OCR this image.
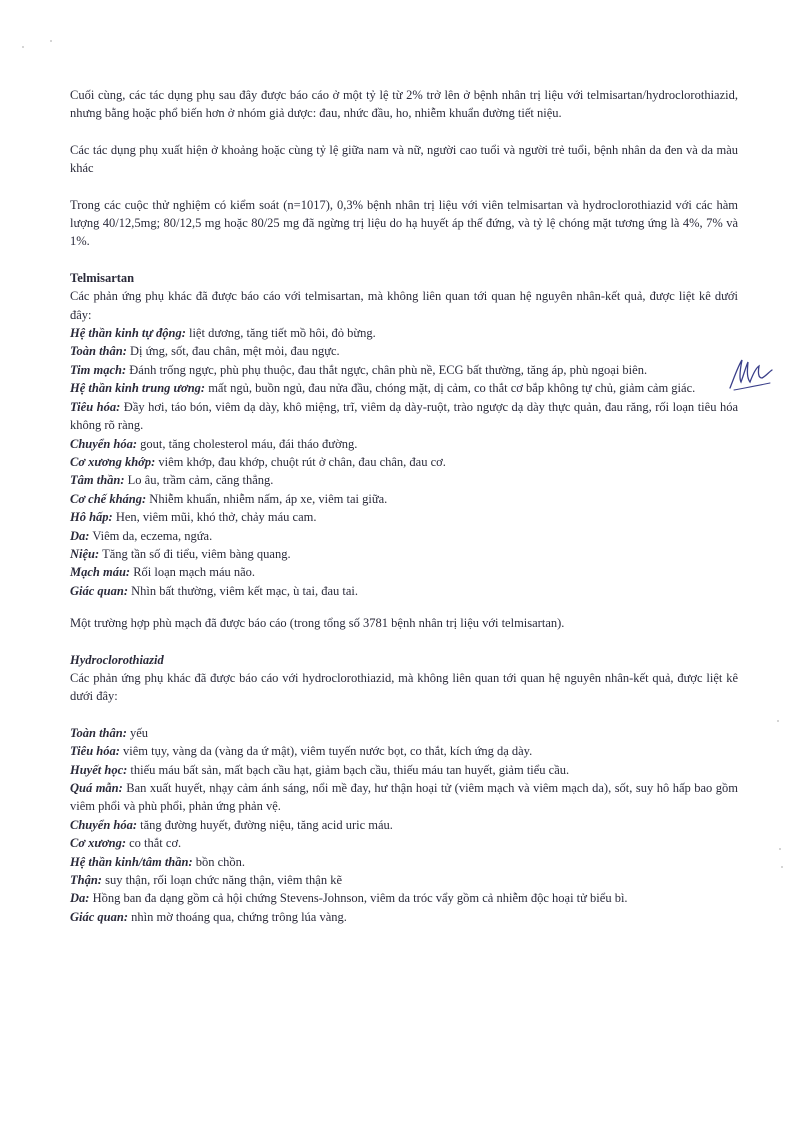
Cuối cùng, các tác dụng phụ sau đây được báo cáo ở một tỷ lệ từ 2% trở lên ở bệnh nhân trị liệu với telmisartan/hydroclorothiazid, nhưng bằng hoặc phổ biến hơn ở nhóm giả dược: đau, nhức đầu, ho, nhiễm khuẩn đường tiết niệu.

Các tác dụng phụ xuất hiện ở khoảng hoặc cùng tỷ lệ giữa nam và nữ, người cao tuổi và người trẻ tuổi, bệnh nhân da đen và da màu khác

Trong các cuộc thử nghiệm có kiểm soát (n=1017), 0,3% bệnh nhân trị liệu với viên telmisartan và hydroclorothiazid với các hàm lượng 40/12,5mg; 80/12,5 mg hoặc 80/25 mg đã ngừng trị liệu do hạ huyết áp thế đứng, và tỷ lệ chóng mặt tương ứng là 4%, 7% và 1%.

Telmisartan

Các phản ứng phụ khác đã được báo cáo với telmisartan, mà không liên quan tới quan hệ nguyên nhân-kết quả, được liệt kê dưới đây:

Hệ thần kinh tự động: liệt dương, tăng tiết mồ hôi, đỏ bừng.

Toàn thân: Dị ứng, sốt, đau chân, mệt mỏi, đau ngực.

Tim mạch: Đánh trống ngực, phù phụ thuộc, đau thắt ngực, chân phù nề, ECG bất thường, tăng áp, phù ngoại biên.

Hệ thần kinh trung ương: mất ngủ, buồn ngủ, đau nửa đầu, chóng mặt, dị cảm, co thắt cơ bắp không tự chủ, giảm cảm giác.

Tiêu hóa: Đầy hơi, táo bón, viêm dạ dày, khô miệng, trĩ, viêm dạ dày-ruột, trào ngược dạ dày thực quản, đau răng, rối loạn tiêu hóa không rõ ràng.

Chuyển hóa: gout, tăng cholesterol máu, đái tháo đường.

Cơ xương khớp: viêm khớp, đau khớp, chuột rút ở chân, đau chân, đau cơ.

Tâm thần: Lo âu, trầm cảm, căng thẳng.

Cơ chế kháng: Nhiễm khuẩn, nhiễm nấm, áp xe, viêm tai giữa.

Hô hấp: Hen, viêm mũi, khó thở, chảy máu cam.

Da: Viêm da, eczema, ngứa.

Niệu: Tăng tần số đi tiểu, viêm bàng quang.

Mạch máu: Rối loạn mạch máu não.

Giác quan: Nhìn bất thường, viêm kết mạc, ù tai, đau tai.

Một trường hợp phù mạch đã được báo cáo (trong tổng số 3781 bệnh nhân trị liệu với telmisartan).

Hydroclorothiazid

Các phản ứng phụ khác đã được báo cáo với hydroclorothiazid, mà không liên quan tới quan hệ nguyên nhân-kết quả, được liệt kê dưới đây:

Toàn thân: yếu

Tiêu hóa: viêm tụy, vàng da (vàng da ứ mật), viêm tuyến nước bọt, co thắt, kích ứng dạ dày.

Huyết học: thiếu máu bất sản, mất bạch cầu hạt, giảm bạch cầu, thiếu máu tan huyết, giảm tiểu cầu.

Quá mẫn: Ban xuất huyết, nhạy cảm ánh sáng, nổi mề đay, hư thận hoại tử (viêm mạch và viêm mạch da), sốt, suy hô hấp bao gồm viêm phổi và phù phổi, phản ứng phản vệ.

Chuyển hóa: tăng đường huyết, đường niệu, tăng acid uric máu.

Cơ xương: co thắt cơ.

Hệ thần kinh/tâm thần: bồn chồn.

Thận: suy thận, rối loạn chức năng thận, viêm thận kẽ

Da: Hồng ban đa dạng gồm cả hội chứng Stevens-Johnson, viêm da tróc vẩy gồm cả nhiễm độc hoại tử biểu bì.

Giác quan: nhìn mờ thoáng qua, chứng trông lúa vàng.
